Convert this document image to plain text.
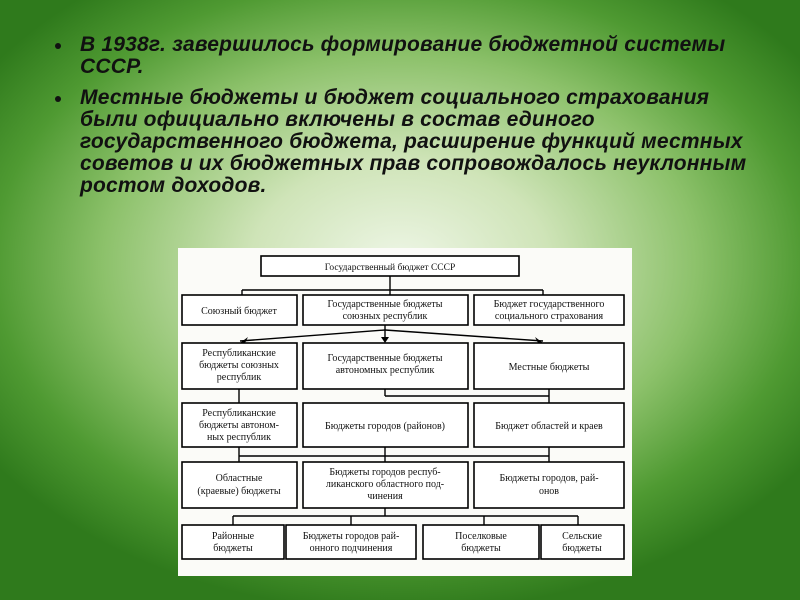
В 1938г. завершилось формирование бюджетной системы СССР.
Местные бюджеты и бюджет социального страхования были официально включены в состав единого государственного бюджета, расширение функций местных советов и их бюджетных прав сопровождалось неуклонным ростом доходов.
Государственный бюджет СССР
Союзный бюджет
Государственные бюджеты
союзных республик
Бюджет государственного
социального страхования
Республиканские
бюджеты союзных
республик
Государственные бюджеты
автономных республик	Местные бюджеты
Республиканские
бюджеты автоном-
ных республик
Бюджеты городов (районов)	Бюджет областей и краев
Областные
(краевые) бюджеты
Бюджеты городов респуб-
ликанского областного под-
чинения
Бюджеты городов, рай-
онов
Районные
бюджеты
Бюджеты городов рай-
онного подчинения
Поселковые
бюджеты
Сельские
бюджеты
